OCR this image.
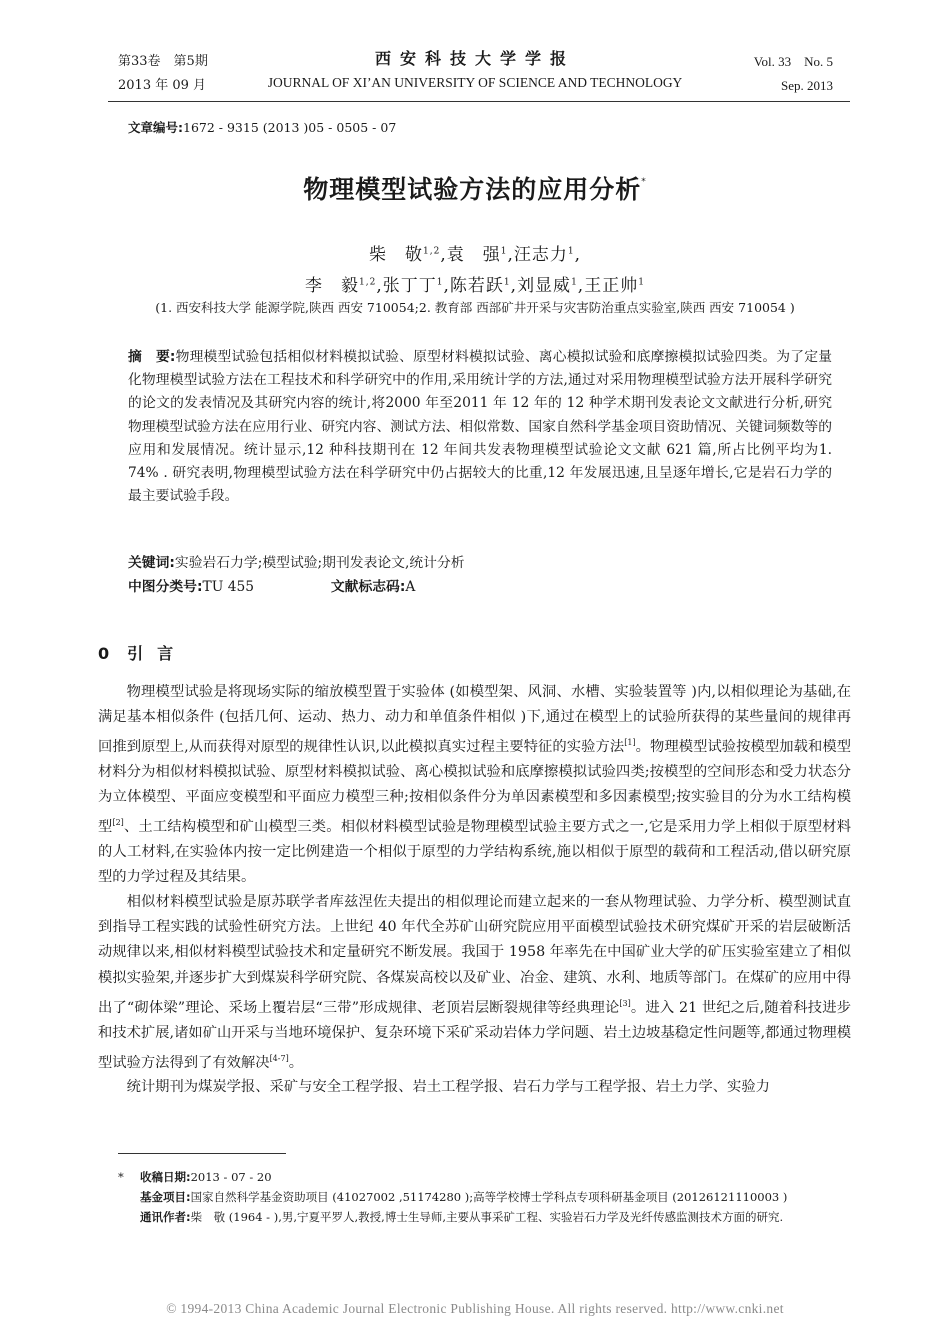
第33卷　第5期
2013 年 09 月
西安科技大学学报
JOURNAL OF XI’AN UNIVERSITY OF SCIENCE AND TECHNOLOGY
Vol. 33　No. 5
Sep. 2013
文章编号:1672 - 9315 (2013 )05 - 0505 - 07
物理模型试验方法的应用分析*
柴　敬$^{1,2}$,袁　强$^1$,汪志力$^1$,
李　毅$^{1,2}$,张丁丁$^1$,陈若跃$^1$,刘显威$^1$,王正帅$^1$
(1. 西安科技大学 能源学院,陕西 西安 710054;2. 教育部 西部矿井开采与灾害防治重点实验室,陕西 西安 710054 )
摘　要:物理模型试验包括相似材料模拟试验、原型材料模拟试验、离心模拟试验和底摩擦模拟试验四类。为了定量化物理模型试验方法在工程技术和科学研究中的作用,采用统计学的方法,通过对采用物理模型试验方法开展科学研究的论文的发表情况及其研究内容的统计,将2000 年至2011 年 12 年的 12 种学术期刊发表论文文献进行分析,研究物理模型试验方法在应用行业、研究内容、测试方法、相似常数、国家自然科学基金项目资助情况、关键词频数等的应用和发展情况。统计显示,12 种科技期刊在 12 年间共发表物理模型试验论文文献 621 篇,所占比例平均为1. 74% . 研究表明,物理模型试验方法在科学研究中仍占据较大的比重,12 年发展迅速,且呈逐年增长,它是岩石力学的最主要试验手段。
关键词:实验岩石力学;模型试验;期刊发表论文,统计分析
中图分类号:TU 455	文献标志码:A
0 引言

物理模型试验是将现场实际的缩放模型置于实验体 (如模型架、风洞、水槽、实验装置等 )内,以相似理论为基础,在满足基本相似条件 (包括几何、运动、热力、动力和单值条件相似 )下,通过在模型上的试验所获得的某些量间的规律再回推到原型上,从而获得对原型的规律性认识,以此模拟真实过程主要特征的实验方法[1]。物理模型试验按模型加载和模型材料分为相似材料模拟试验、原型材料模拟试验、离心模拟试验和底摩擦模拟试验四类;按模型的空间形态和受力状态分为立体模型、平面应变模型和平面应力模型三种;按相似条件分为单因素模型和多因素模型;按实验目的分为水工结构模型[2]、土工结构模型和矿山模型三类。相似材料模型试验是物理模型试验主要方式之一,它是采用力学上相似于原型材料的人工材料,在实验体内按一定比例建造一个相似于原型的力学结构系统,施以相似于原型的载荷和工程活动,借以研究原型的力学过程及其结果。

相似材料模型试验是原苏联学者库兹涅佐夫提出的相似理论而建立起来的一套从物理试验、力学分析、模型测试直到指导工程实践的试验性研究方法。上世纪 40 年代全苏矿山研究院应用平面模型试验技术研究煤矿开采的岩层破断活动规律以来,相似材料模型试验技术和定量研究不断发展。我国于 1958 年率先在中国矿业大学的矿压实验室建立了相似模拟实验架,并逐步扩大到煤炭科学研究院、各煤炭高校以及矿业、冶金、建筑、水利、地质等部门。在煤矿的应用中得出了“砌体梁”理论、采场上覆岩层“三带”形成规律、老顶岩层断裂规律等经典理论[3]。进入 21 世纪之后,随着科技进步和技术扩展,诸如矿山开采与当地环境保护、复杂环境下采矿采动岩体力学问题、岩土边坡基稳定性问题等,都通过物理模型试验方法得到了有效解决[4-7]。

统计期刊为煤炭学报、采矿与安全工程学报、岩土工程学报、岩石力学与工程学报、岩土力学、实验力

* 收稿日期:2013 - 07 - 20
基金项目:国家自然科学基金资助项目 (41027002 ,51174280 );高等学校博士学科点专项科研基金项目 (20126121110003 )
通讯作者:柴　敬 (1964 - ),男,宁夏平罗人,教授,博士生导师,主要从事采矿工程、实验岩石力学及光纤传感监测技术方面的研究.
© 1994-2013 China Academic Journal Electronic Publishing House. All rights reserved. http://www.cnki.net
